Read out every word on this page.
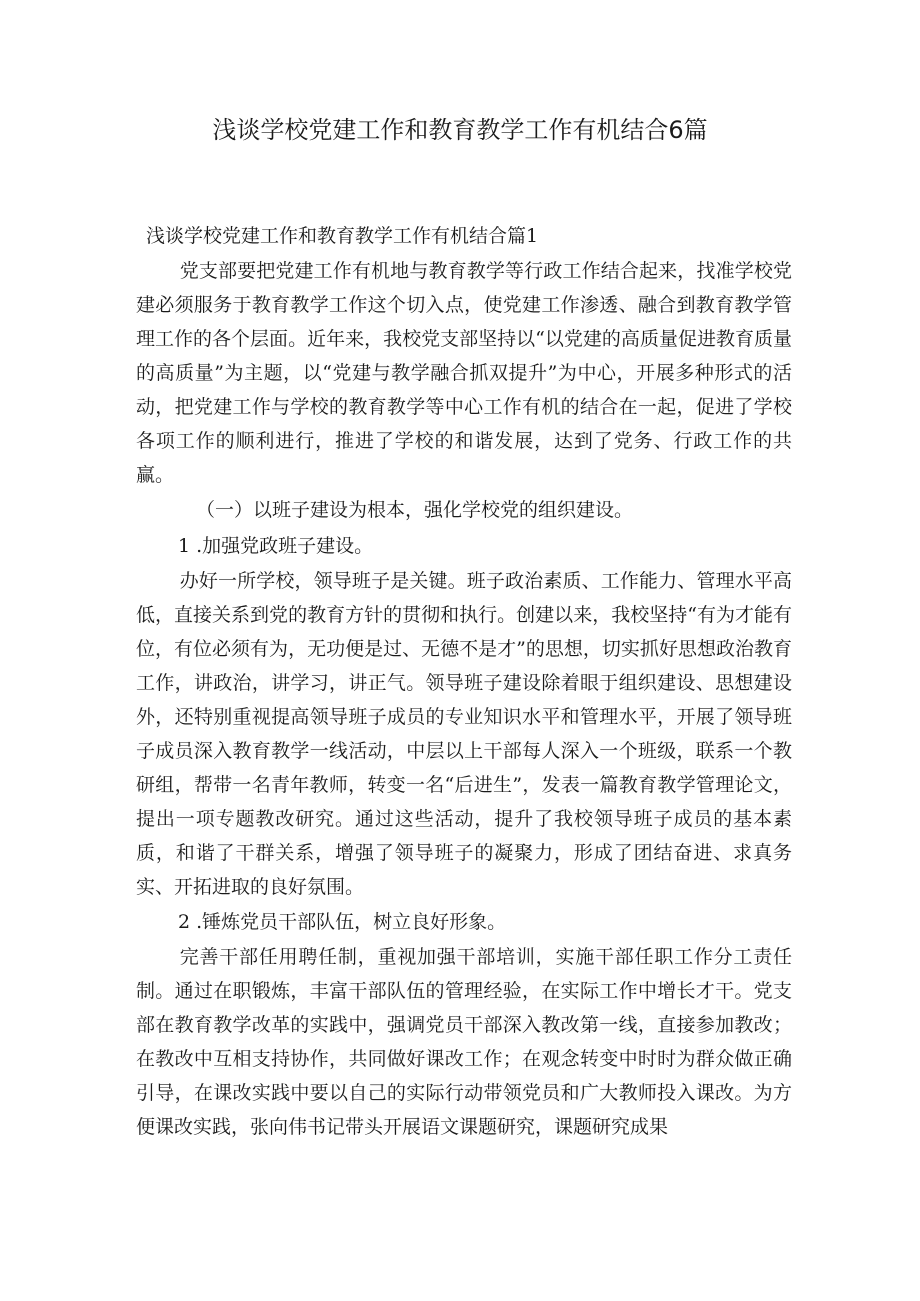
浅谈学校党建工作和教育教学工作有机结合6篇

浅谈学校党建工作和教育教学工作有机结合篇1

党支部要把党建工作有机地与教育教学等行政工作结合起来，找准学校党建必须服务于教育教学工作这个切入点，使党建工作渗透、融合到教育教学管理工作的各个层面。近年来，我校党支部坚持以“以党建的高质量促进教育质量的高质量”为主题，以“党建与教学融合抓双提升”为中心，开展多种形式的活动，把党建工作与学校的教育教学等中心工作有机的结合在一起，促进了学校各项工作的顺利进行，推进了学校的和谐发展，达到了党务、行政工作的共赢。

（一）以班子建设为根本，强化学校党的组织建设。

1 .加强党政班子建设。

办好一所学校，领导班子是关键。班子政治素质、工作能力、管理水平高低，直接关系到党的教育方针的贯彻和执行。创建以来，我校坚持“有为才能有位，有位必须有为，无功便是过、无德不是才”的思想，切实抓好思想政治教育工作，讲政治，讲学习，讲正气。领导班子建设除着眼于组织建设、思想建设外，还特别重视提高领导班子成员的专业知识水平和管理水平，开展了领导班子成员深入教育教学一线活动，中层以上干部每人深入一个班级，联系一个教研组，帮带一名青年教师，转变一名“后进生”，发表一篇教育教学管理论文，提出一项专题教改研究。通过这些活动，提升了我校领导班子成员的基本素质，和谐了干群关系，增强了领导班子的凝聚力，形成了团结奋进、求真务实、开拓进取的良好氛围。

2 .锤炼党员干部队伍，树立良好形象。

完善干部任用聘任制，重视加强干部培训，实施干部任职工作分工责任制。通过在职锻炼，丰富干部队伍的管理经验，在实际工作中增长才干。党支部在教育教学改革的实践中，强调党员干部深入教改第一线，直接参加教改；在教改中互相支持协作，共同做好课改工作；在观念转变中时时为群众做正确引导，在课改实践中要以自己的实际行动带领党员和广大教师投入课改。为方便课改实践，张向伟书记带头开展语文课题研究，课题研究成果
